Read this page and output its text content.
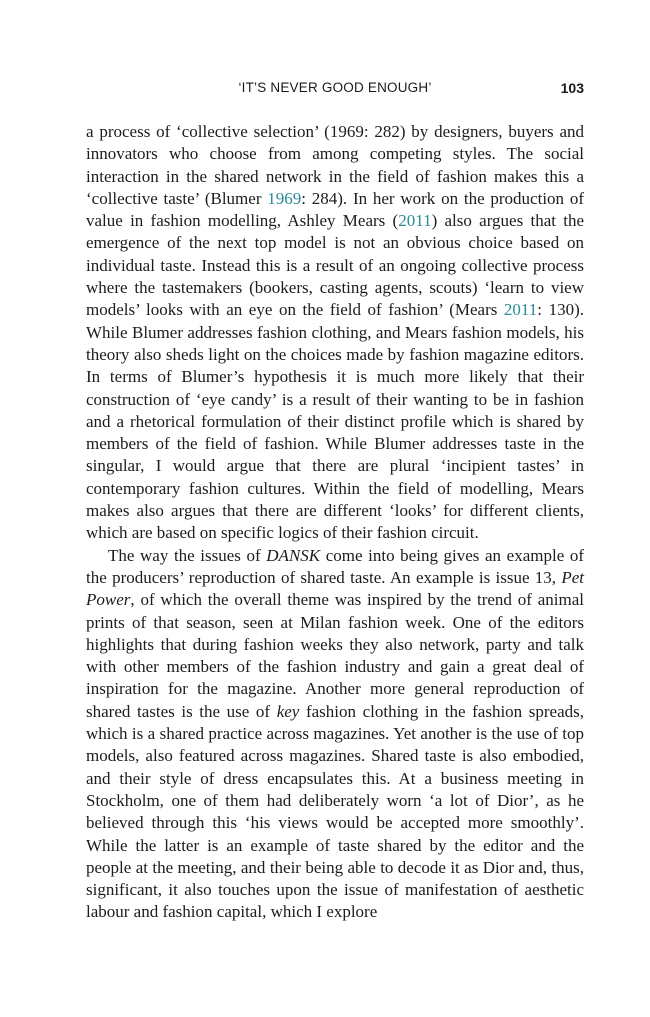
‘IT’S NEVER GOOD ENOUGH’	103

a process of ‘collective selection’ (1969: 282) by designers, buyers and innovators who choose from among competing styles. The social interaction in the shared network in the field of fashion makes this a ‘collective taste’ (Blumer 1969: 284). In her work on the production of value in fashion modelling, Ashley Mears (2011) also argues that the emergence of the next top model is not an obvious choice based on individual taste. Instead this is a result of an ongoing collective process where the tastemakers (bookers, casting agents, scouts) ‘learn to view models’ looks with an eye on the field of fashion’ (Mears 2011: 130). While Blumer addresses fashion clothing, and Mears fashion models, his theory also sheds light on the choices made by fashion magazine editors. In terms of Blumer’s hypothesis it is much more likely that their construction of ‘eye candy’ is a result of their wanting to be in fashion and a rhetorical formulation of their distinct profile which is shared by members of the field of fashion. While Blumer addresses taste in the singular, I would argue that there are plural ‘incipient tastes’ in contemporary fashion cultures. Within the field of modelling, Mears makes also argues that there are different ‘looks’ for different clients, which are based on specific logics of their fashion circuit.

The way the issues of DANSK come into being gives an example of the producers’ reproduction of shared taste. An example is issue 13, Pet Power, of which the overall theme was inspired by the trend of animal prints of that season, seen at Milan fashion week. One of the editors highlights that during fashion weeks they also network, party and talk with other members of the fashion industry and gain a great deal of inspiration for the magazine. Another more general reproduction of shared tastes is the use of key fashion clothing in the fashion spreads, which is a shared practice across magazines. Yet another is the use of top models, also featured across magazines. Shared taste is also embodied, and their style of dress encapsulates this. At a business meeting in Stockholm, one of them had deliberately worn ‘a lot of Dior’, as he believed through this ‘his views would be accepted more smoothly’. While the latter is an example of taste shared by the editor and the people at the meeting, and their being able to decode it as Dior and, thus, significant, it also touches upon the issue of manifestation of aesthetic labour and fashion capital, which I explore
